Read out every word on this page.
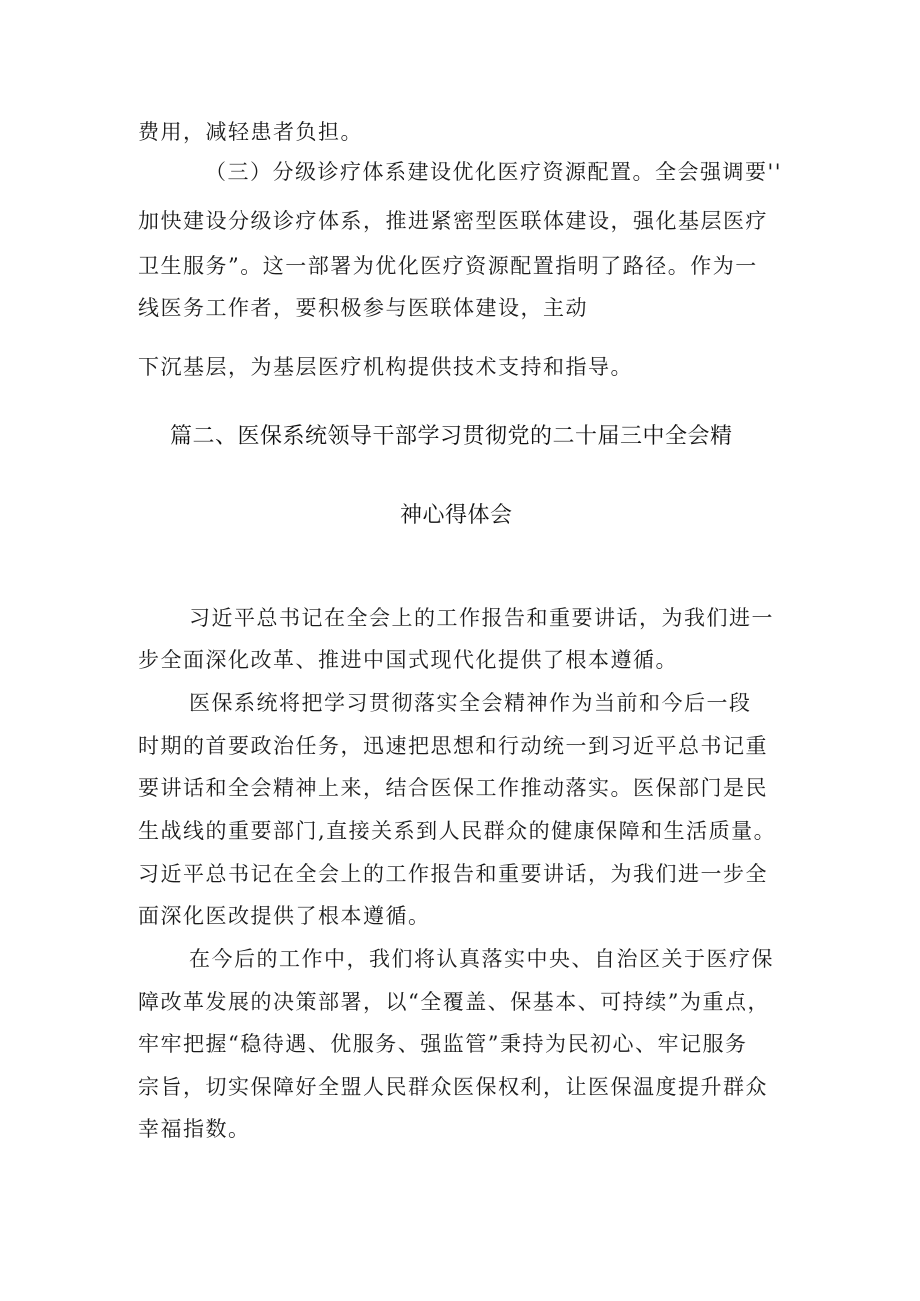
费用，减轻患者负担。
（三）分级诊疗体系建设优化医疗资源配置。全会强调要''
加快建设分级诊疗体系，推进紧密型医联体建设，强化基层医疗
卫生服务”。这一部署为优化医疗资源配置指明了路径。作为一
线医务工作者，要积极参与医联体建设，主动
下沉基层，为基层医疗机构提供技术支持和指导。
篇二、医保系统领导干部学习贯彻党的二十届三中全会精
神心得体会
习近平总书记在全会上的工作报告和重要讲话，为我们进一
步全面深化改革、推进中国式现代化提供了根本遵循。
医保系统将把学习贯彻落实全会精神作为当前和今后一段
时期的首要政治任务，迅速把思想和行动统一到习近平总书记重
要讲话和全会精神上来，结合医保工作推动落实。医保部门是民
生战线的重要部门,直接关系到人民群众的健康保障和生活质量。
习近平总书记在全会上的工作报告和重要讲话，为我们进一步全
面深化医改提供了根本遵循。
在今后的工作中，我们将认真落实中央、自治区关于医疗保
障改革发展的决策部署，以“全覆盖、保基本、可持续”为重点，
牢牢把握“稳待遇、优服务、强监管”秉持为民初心、牢记服务
宗旨，切实保障好全盟人民群众医保权利，让医保温度提升群众
幸福指数。
